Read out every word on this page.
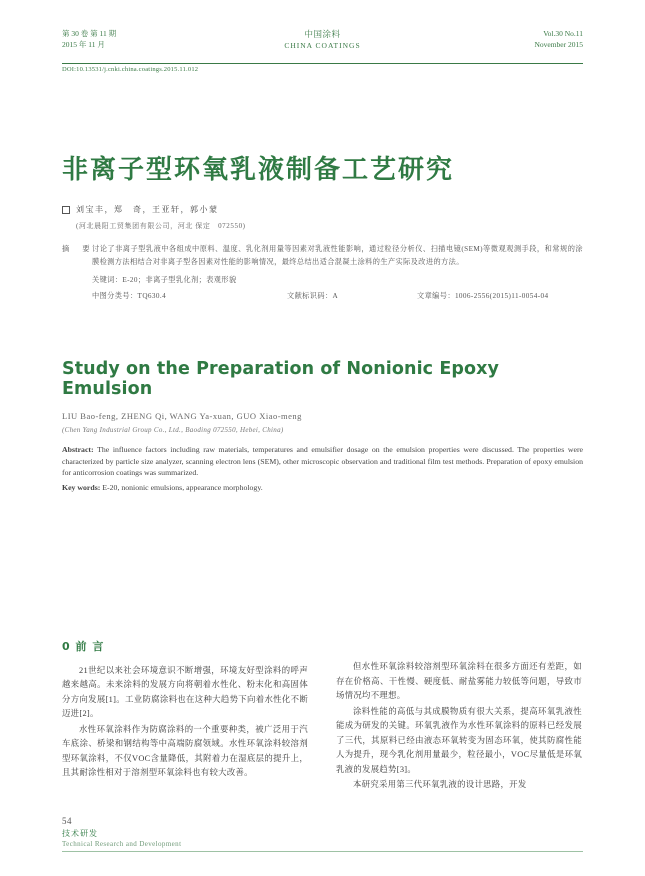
第 30 卷 第 11 期
2015 年 11 月
中国涂料
CHINA COATINGS
Vol.30 No.11
November 2015
DOI:10.13531/j.cnki.china.coatings.2015.11.012
非离子型环氧乳液制备工艺研究
刘宝丰，郑　奇，王亚轩，郭小蒙
(河北晨阳工贸集团有限公司，河北 保定　072550)
摘　要 讨论了非离子型乳液中各组成中原料、温度、乳化剂用量等因素对乳液性能影响，通过粒径分析仪、扫描电镜(SEM)等微观观测手段，和常规的涂膜检测方法相结合对非离子型各因素对性能的影响情况，最终总结出适合混凝土涂料的生产实际及改进的方法。

关键词：E-20；非离子型乳化剂；表观形貌
中图分类号：TQ630.4	文献标识码：A	文章编号：1006-2556(2015)11-0054-04
Study on the Preparation of Nonionic Epoxy Emulsion
LIU Bao-feng, ZHENG Qi, WANG Ya-xuan, GUO Xiao-meng
(Chen Yang Industrial Group Co., Ltd., Baoding 072550, Hebei, China)
Abstract: The influence factors including raw materials, temperatures and emulsifier dosage on the emulsion properties were discussed. The properties were characterized by particle size analyzer, scanning electron lens (SEM), other microscopic observation and traditional film test methods. Preparation of epoxy emulsion for anticorrosion coatings was summarized.
Key words: E-20, nonionic emulsions, appearance morphology.
0 前 言

21世纪以来社会环境意识不断增强，环境友好型涂料的呼声越来越高。未来涂料的发展方向将朝着水性化、粉末化和高固体分方向发展[1]。工业防腐涂料也在这种大趋势下向着水性化不断迈进[2]。

水性环氧涂料作为防腐涂料的一个重要种类，被广泛用于汽车底涂、桥梁和钢结构等中高端防腐领域。水性环氧涂料较溶剂型环氧涂料，不仅VOC含量降低，其附着力在湿底层的提升上，且其耐涂性相对于溶剂型环氧涂料也有较大改善。

但水性环氧涂料较溶剂型环氧涂料在很多方面还有差距，如存在价格高、干性慢、硬度低、耐盐雾能力较低等问题，导致市场情况均不理想。

涂料性能的高低与其成膜物质有很大关系，提高环氧乳液性能成为研发的关键。环氧乳液作为水性环氧涂料的原料已经发展了三代，其原料已经由液态环氧转变为固态环氧，使其防腐性能人为提升，现今乳化剂用量最少，粒径最小，VOC尽量低是环氧乳液的发展趋势[3]。

本研究采用第三代环氧乳液的设计思路，开发

54
技术研发
Technical Research and Development
